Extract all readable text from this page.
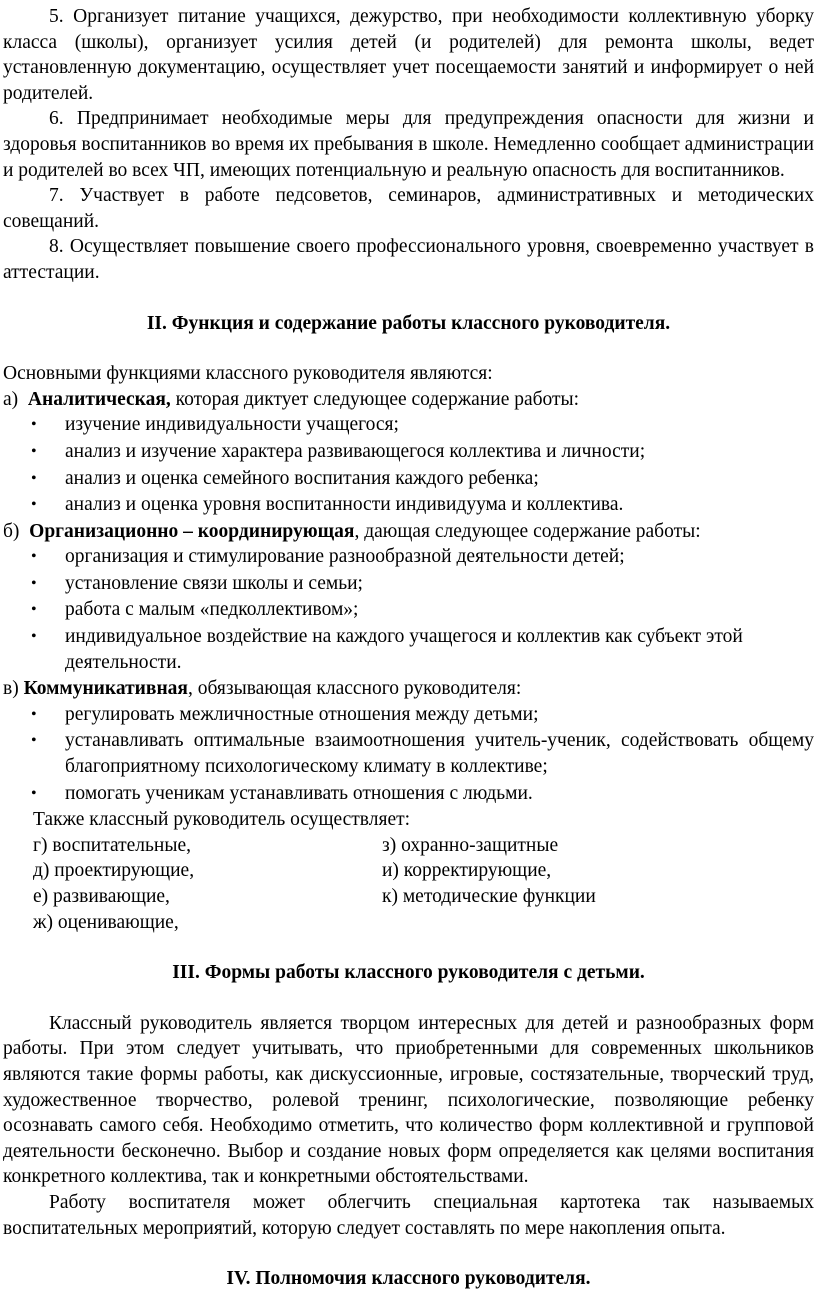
5. Организует питание учащихся, дежурство, при необходимости коллективную уборку класса (школы), организует усилия детей (и родителей) для ремонта школы, ведет установленную документацию, осуществляет учет посещаемости занятий и информирует о ней родителей.

6. Предпринимает необходимые меры для предупреждения опасности для жизни и здоровья воспитанников во время их пребывания в школе. Немедленно сообщает администрации и родителей во всех ЧП, имеющих потенциальную и реальную опасность для воспитанников.

7. Участвует в работе педсоветов, семинаров, административных и методических совещаний.

8. Осуществляет повышение своего профессионального уровня, своевременно участвует в аттестации.

II. Функция и содержание работы классного руководителя.

Основными функциями классного руководителя являются:

а) Аналитическая, которая диктует следующее содержание работы:

• изучение индивидуальности учащегося;
• анализ и изучение характера развивающегося коллектива и личности;
• анализ и оценка семейного воспитания каждого ребенка;
• анализ и оценка уровня воспитанности индивидуума и коллектива.

б) Организационно – координирующая, дающая следующее содержание работы:

• организация и стимулирование разнообразной деятельности детей;
• установление связи школы и семьи;
• работа с малым «педколлективом»;
• индивидуальное воздействие на каждого учащегося и коллектив как субъект этой деятельности.

в) Коммуникативная, обязывающая классного руководителя:

• регулировать межличностные отношения между детьми;
• устанавливать оптимальные взаимоотношения учитель-ученик, содействовать общему благоприятному психологическому климату в коллективе;
• помогать ученикам устанавливать отношения с людьми.

Также классный руководитель осуществляет:

г) воспитательные,
д) проектирующие,
е) развивающие,
ж) оценивающие,
з) охранно-защитные
и) корректирующие,
к) методические функции

III. Формы работы классного руководителя с детьми.

Классный руководитель является творцом интересных для детей и разнообразных форм работы. При этом следует учитывать, что приобретенными для современных школьников являются такие формы работы, как дискуссионные, игровые, состязательные, творческий труд, художественное творчество, ролевой тренинг, психологические, позволяющие ребенку осознавать самого себя. Необходимо отметить, что количество форм коллективной и групповой деятельности бесконечно. Выбор и создание новых форм определяется как целями воспитания конкретного коллектива, так и конкретными обстоятельствами.

Работу воспитателя может облегчить специальная картотека так называемых воспитательных мероприятий, которую следует составлять по мере накопления опыта.

IV. Полномочия классного руководителя.
